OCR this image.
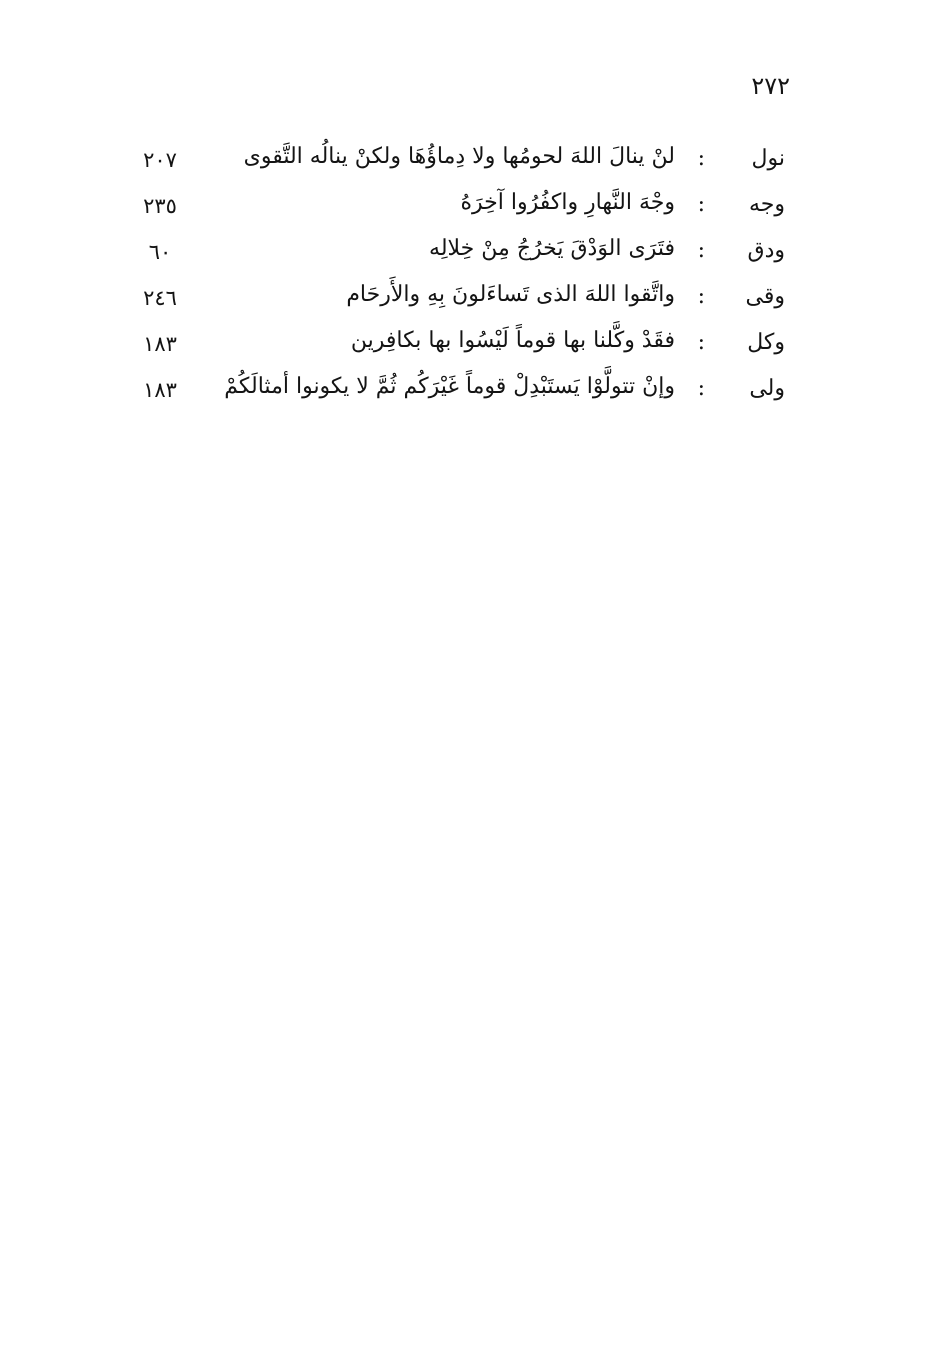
٢٧٢
نول
:
لنْ ينالَ اللهَ لحومُها ولا دِماؤُهَا ولكنْ ينالُه التَّقوى
٢٠٧
وجه
:
وجْهَ النَّهارِ واكفُرُوا آخِرَهُ
٢٣٥
ودق
:
فتَرَى الوَدْقَ يَخرُجُ مِنْ خِلالِه
٦٠
وقى
:
واتَّقوا اللهَ الذى تَساءَلونَ بِهِ والأَرحَام
٢٤٦
وكل
:
فقَدْ وكَّلنا بها قوماً لَيْسُوا بها بكافِرين
١٨٣
ولى
:
وإنْ تتولَّوْا يَستَبْدِلْ قوماً غَيْرَكُم ثُمَّ لا يكونوا أمثالَكُمْ
١٨٣
